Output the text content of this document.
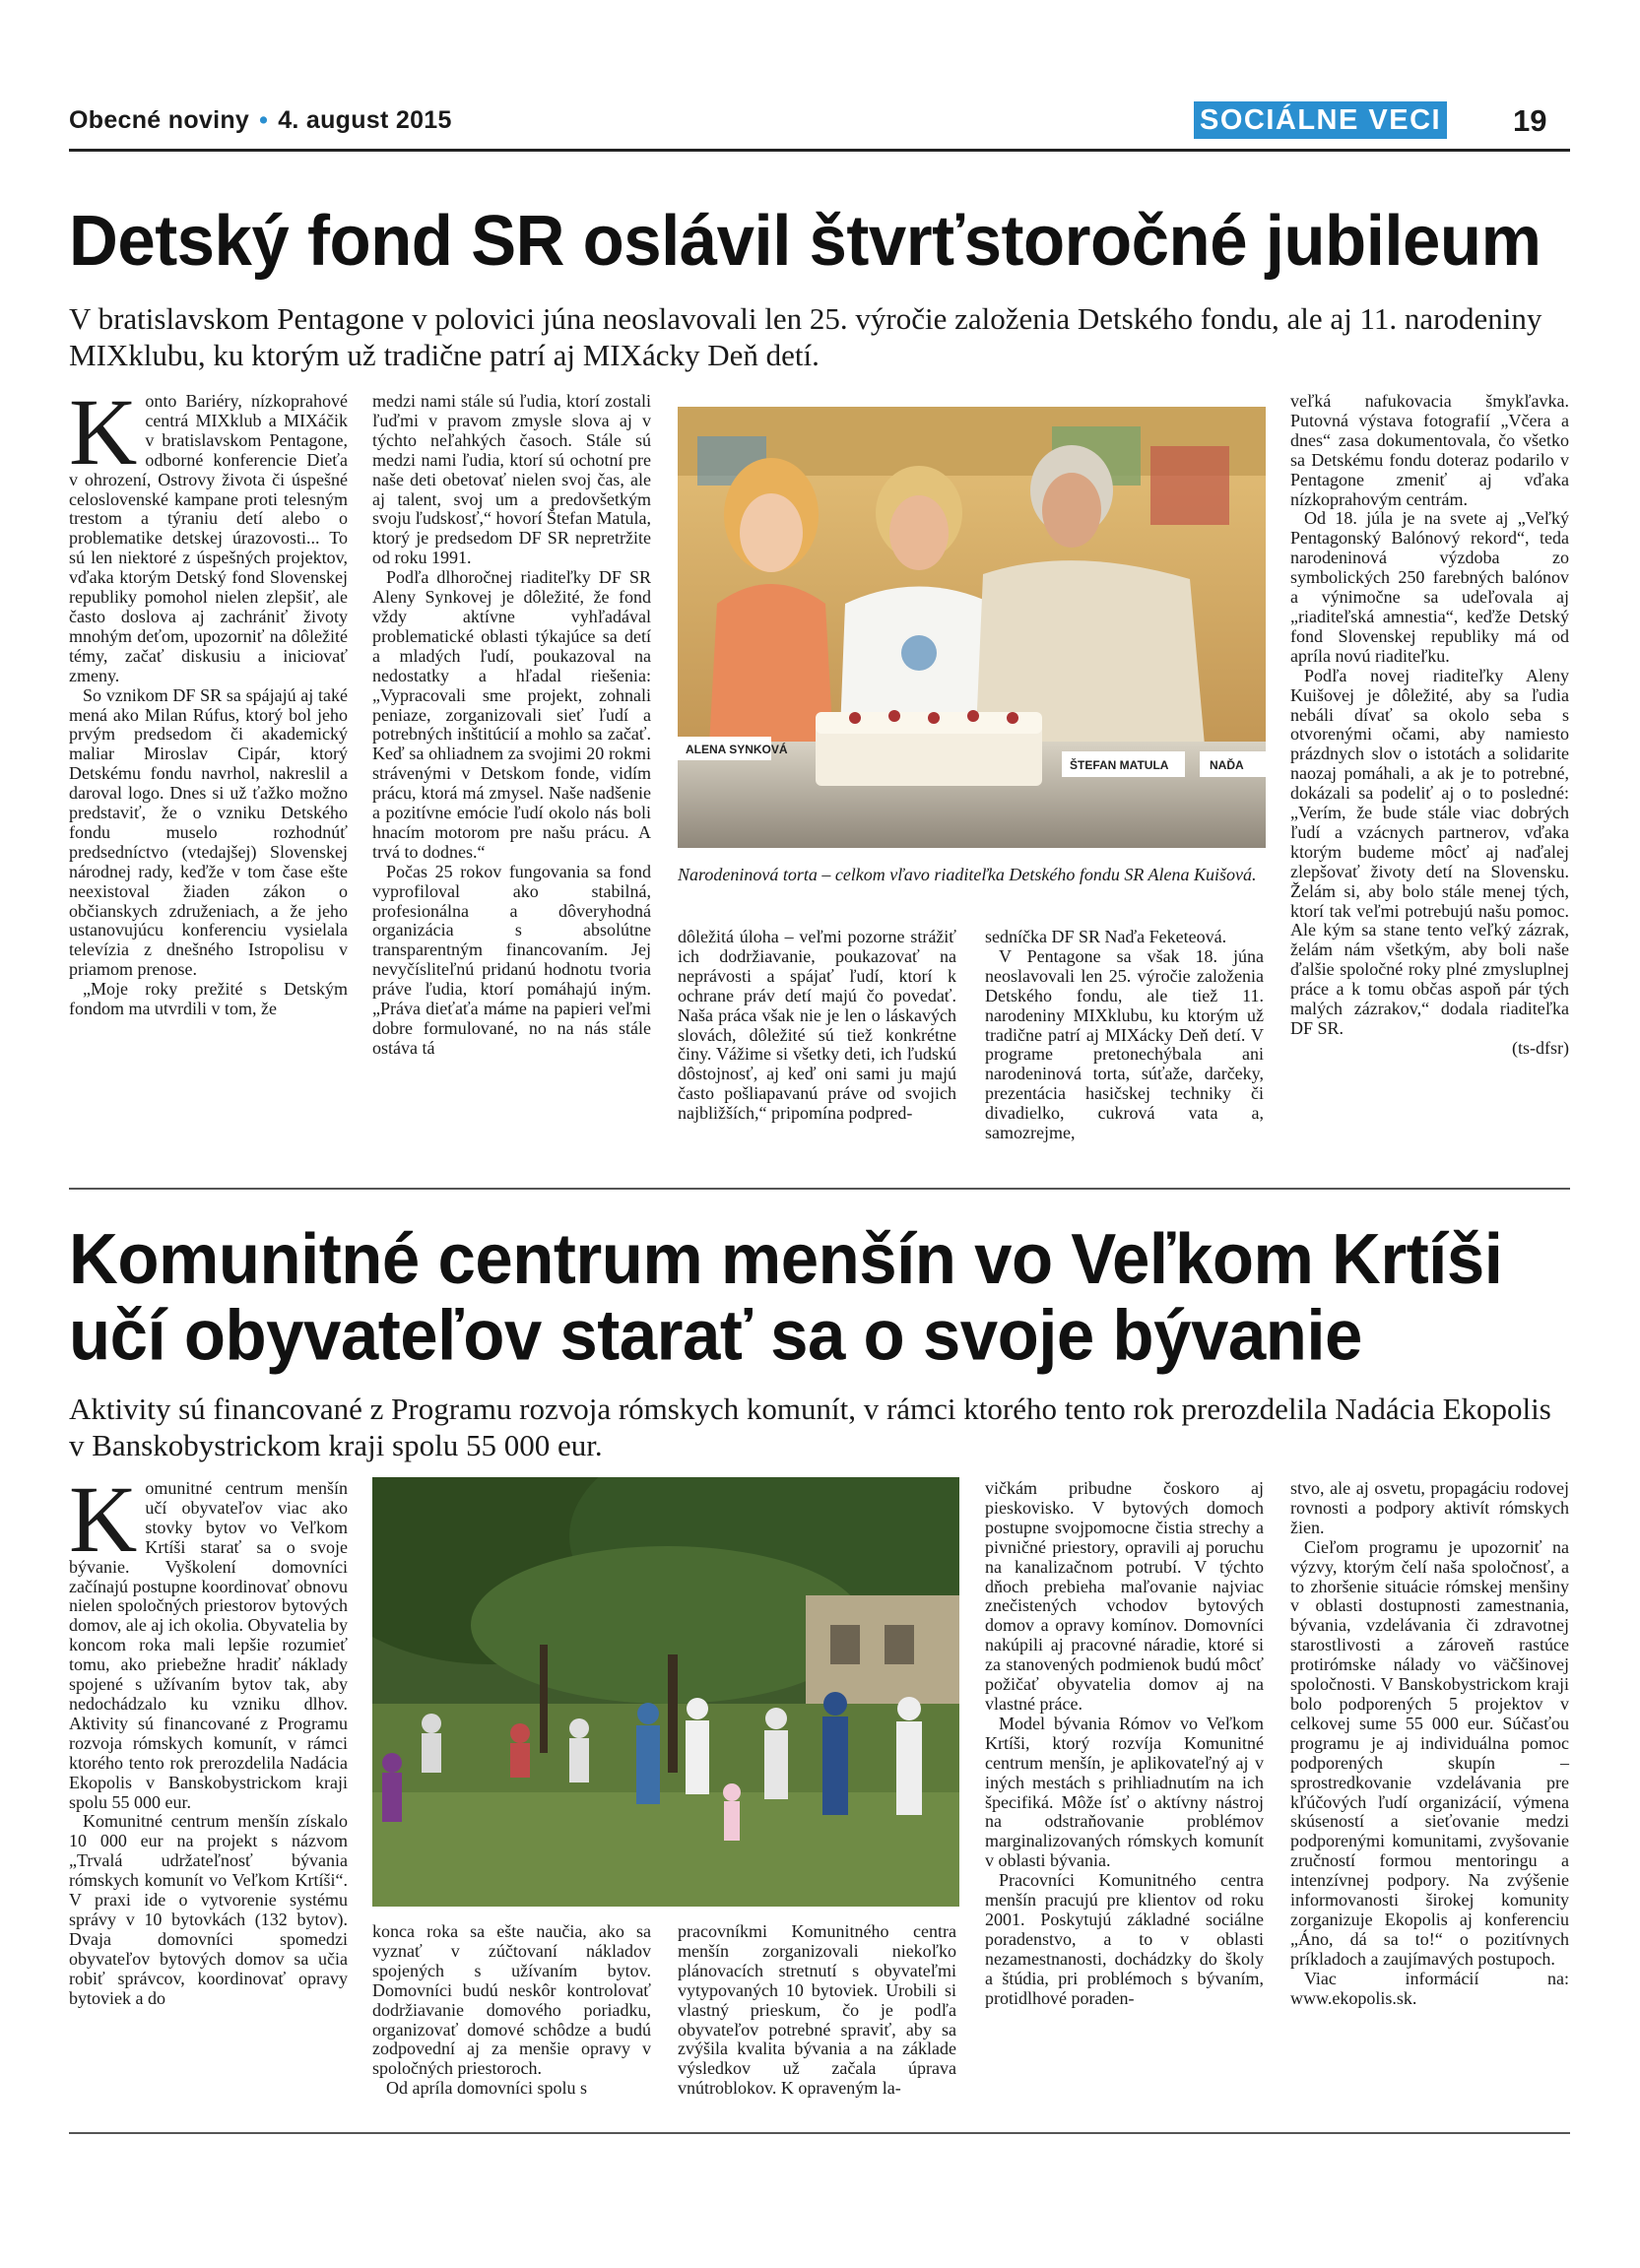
Obecné noviny • 4. august 2015	SOCIÁLNE VECI 19
Detský fond SR oslávil štvrťstoročné jubileum
V bratislavskom Pentagone v polovici júna neoslavovali len 25. výročie založenia Detského fondu, ale aj 11. narodeniny MIXklubu, ku ktorým už tradične patrí aj MIXácky Deň detí.
K onto Bariéry, nízkoprahové centrá MIXklub a MIXáčik v bratislavskom Pentagone, odborné konferencie Dieťa v ohrození, Ostrovy života či úspešné celoslovenské kampane proti telesným trestom a týraniu detí alebo o problematike detskej úrazovosti... To sú len niektoré z úspešných projektov, vďaka ktorým Detský fond Slovenskej republiky pomohol nielen zlepšiť, ale často doslova aj zachrániť životy mnohým deťom, upozorniť na dôležité témy, začať diskusiu a iniciovať zmeny.

So vznikom DF SR sa spájajú aj také mená ako Milan Rúfus, ktorý bol jeho prvým predsedom či akademický maliar Miroslav Cipár, ktorý Detskému fondu navrhol, nakreslil a daroval logo. Dnes si už ťažko možno predstaviť, že o vzniku Detského fondu muselo rozhodnúť predsedníctvo (vtedajšej) Slovenskej národnej rady, keďže v tom čase ešte neexistoval žiaden zákon o občianskych združeniach, a že jeho ustanovujúcu konferenciu vysielala televízia z dnešného Istropolisu v priamom prenose.

„Moje roky prežité s Detským fondom ma utvrdili v tom, že

medzi nami stále sú ľudia, ktorí zostali ľuďmi v pravom zmysle slova aj v týchto neľahkých časoch. Stále sú medzi nami ľudia, ktorí sú ochotní pre naše deti obetovať nielen svoj čas, ale aj talent, svoj um a predovšetkým svoju ľudskosť,“ hovorí Štefan Matula, ktorý je predsedom DF SR nepretržite od roku 1991.

Podľa dlhoročnej riaditeľky DF SR Aleny Synkovej je dôležité, že fond vždy aktívne vyhľadával problematické oblasti týkajúce sa detí a mladých ľudí, poukazoval na nedostatky a hľadal riešenia: „Vypracovali sme projekt, zohnali peniaze, zorganizovali sieť ľudí a potrebných inštitúcií a mohlo sa začať. Keď sa ohliadnem za svojimi 20 rokmi strávenými v Detskom fonde, vidím prácu, ktorá má zmysel. Naše nadšenie a pozitívne emócie ľudí okolo nás boli hnacím motorom pre našu prácu. A trvá to dodnes.“

Počas 25 rokov fungovania sa fond vyprofiloval ako stabilná, profesionálna a dôveryhodná organizácia s absolútne transparentným financovaním. Jej nevyčísliteľnú pridanú hodnotu tvoria práve ľudia, ktorí pomáhajú iným. „Práva dieťaťa máme na papieri veľmi dobre formulované, no na nás stále ostáva tá

ALENA SYNKOVÁ
ŠTEFAN MATULA	NAĎA
Narodeninová torta – celkom vľavo riaditeľka Detského fondu SR Alena Kuišová.

dôležitá úloha – veľmi pozorne strážiť ich dodržiavanie, poukazovať na neprávosti a spájať ľudí, ktorí k ochrane práv detí majú čo povedať. Naša práca však nie je len o láskavých slovách, dôležité sú tiež konkrétne činy. Vážime si všetky deti, ich ľudskú dôstojnosť, aj keď oni sami ju majú často pošliapavanú práve od svojich najbližších,“ pripomína podpred-

sedníčka DF SR Naďa Feketeová.

V Pentagone sa však 18. júna neoslavovali len 25. výročie založenia Detského fondu, ale tiež 11. narodeniny MIXklubu, ku ktorým už tradične patrí aj MIXácky Deň detí. V programe pretonechýbala ani narodeninová torta, súťaže, darčeky, prezentácia hasičskej techniky či divadielko, cukrová vata a, samozrejme,

veľká nafukovacia šmykľavka. Putovná výstava fotografií „Včera a dnes“ zasa dokumentovala, čo všetko sa Detskému fondu doteraz podarilo v Pentagone zmeniť aj vďaka nízkoprahovým centrám.

Od 18. júla je na svete aj „Veľký Pentagonský Balónový rekord“, teda narodeninová výzdoba zo symbolických 250 farebných balónov a výnimočne sa udeľovala aj „riaditeľská amnestia“, keďže Detský fond Slovenskej republiky má od apríla novú riaditeľku.

Podľa novej riaditeľky Aleny Kuišovej je dôležité, aby sa ľudia nebáli dívať sa okolo seba s otvorenými očami, aby namiesto prázdnych slov o istotách a solidarite naozaj pomáhali, a ak je to potrebné, dokázali sa podeliť aj o to posledné: „Verím, že bude stále viac dobrých ľudí a vzácnych partnerov, vďaka ktorým budeme môcť aj naďalej zlepšovať životy detí na Slovensku. Želám si, aby bolo stále menej tých, ktorí tak veľmi potrebujú našu pomoc. Ale kým sa stane tento veľký zázrak, želám nám všetkým, aby boli naše ďalšie spoločné roky plné zmysluplnej práce a k tomu občas aspoň pár tých malých zázrakov,“ dodala riaditeľka DF SR.

(ts-dfsr)

Komunitné centrum menšín vo Veľkom Krtíši
učí obyvateľov starať sa o svoje bývanie
Aktivity sú financované z Programu rozvoja rómskych komunít, v rámci ktorého tento rok prerozdelila Nadácia Ekopolis v Banskobystrickom kraji spolu 55 000 eur.
K omunitné centrum menšín učí obyvateľov viac ako stovky bytov vo Veľkom Krtíši starať sa o svoje bývanie. Vyškolení domovníci začínajú postupne koordinovať obnovu nielen spoločných priestorov bytových domov, ale aj ich okolia. Obyvatelia by koncom roka mali lepšie rozumieť tomu, ako priebežne hradiť náklady spojené s užívaním bytov tak, aby nedochádzalo ku vzniku dlhov. Aktivity sú financované z Programu rozvoja rómskych komunít, v rámci ktorého tento rok prerozdelila Nadácia Ekopolis v Banskobystrickom kraji spolu 55 000 eur.

Komunitné centrum menšín získalo 10 000 eur na projekt s názvom „Trvalá udržateľnosť bývania rómskych komunít vo Veľkom Krtíši“. V praxi ide o vytvorenie systému správy v 10 bytovkách (132 bytov). Dvaja domovníci spomedzi obyvateľov bytových domov sa učia robiť správcov, koordinovať opravy bytoviek a do

konca roka sa ešte naučia, ako sa vyznať v zúčtovaní nákladov spojených s užívaním bytov. Domovníci budú neskôr kontrolovať dodržiavanie domového poriadku, organizovať domové schôdze a budú zodpovední aj za menšie opravy v spoločných priestoroch.

Od apríla domovníci spolu s

pracovníkmi Komunitného centra menšín zorganizovali niekoľko plánovacích stretnutí s obyvateľmi vytypovaných 10 bytoviek. Urobili si vlastný prieskum, čo je podľa obyvateľov potrebné spraviť, aby sa zvýšila kvalita bývania a na základe výsledkov už začala úprava vnútroblokov. K opraveným la-

vičkám pribudne čoskoro aj pieskovisko. V bytových domoch postupne svojpomocne čistia strechy a pivničné priestory, opravili aj poruchu na kanalizačnom potrubí. V týchto dňoch prebieha maľovanie najviac znečistených vchodov bytových domov a opravy komínov. Domovníci nakúpili aj pracovné náradie, ktoré si za stanovených podmienok budú môcť požičať obyvatelia domov aj na vlastné práce.

Model bývania Rómov vo Veľkom Krtíši, ktorý rozvíja Komunitné centrum menšín, je aplikovateľný aj v iných mestách s prihliadnutím na ich špecifiká. Môže ísť o aktívny nástroj na odstraňovanie problémov marginalizovaných rómskych komunít v oblasti bývania.

Pracovníci Komunitného centra menšín pracujú pre klientov od roku 2001. Poskytujú základné sociálne poradenstvo, a to v oblasti nezamestnanosti, dochádzky do školy a štúdia, pri problémoch s bývaním, protidlhové poraden-

stvo, ale aj osvetu, propagáciu rodovej rovnosti a podpory aktivít rómskych žien.

Cieľom programu je upozorniť na výzvy, ktorým čelí naša spoločnosť, a to zhoršenie situácie rómskej menšiny v oblasti dostupnosti zamestnania, bývania, vzdelávania či zdravotnej starostlivosti a zároveň rastúce protirómske nálady vo väčšinovej spoločnosti. V Banskobystrickom kraji bolo podporených 5 projektov v celkovej sume 55 000 eur. Súčasťou programu je aj individuálna pomoc podporených skupín – sprostredkovanie vzdelávania pre kľúčových ľudí organizácií, výmena skúseností a sieťovanie medzi podporenými komunitami, zvyšovanie zručností formou mentoringu a intenzívnej podpory. Na zvýšenie informovanosti širokej komunity zorganizuje Ekopolis aj konferenciu „Áno, dá sa to!“ o pozitívnych príkladoch a zaujímavých postupoch.

Viac informácií na: www.ekopolis.sk.
